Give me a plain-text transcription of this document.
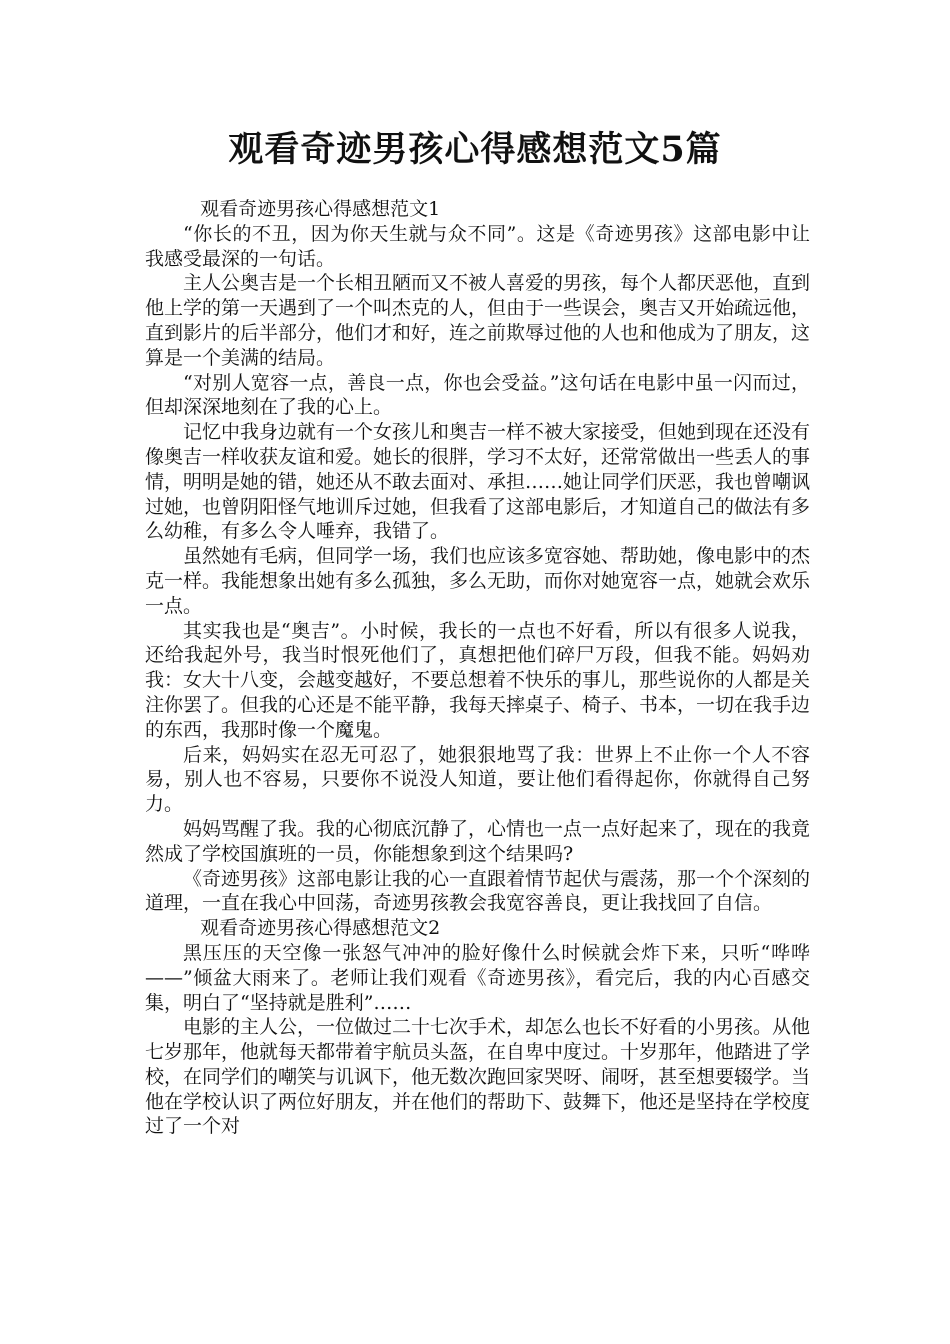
观看奇迹男孩心得感想范文5篇

观看奇迹男孩心得感想范文1

“你长的不丑，因为你天生就与众不同”。这是《奇迹男孩》这部电影中让我感受最深的一句话。

主人公奥吉是一个长相丑陋而又不被人喜爱的男孩，每个人都厌恶他，直到他上学的第一天遇到了一个叫杰克的人，但由于一些误会，奥吉又开始疏远他，直到影片的后半部分，他们才和好，连之前欺辱过他的人也和他成为了朋友，这算是一个美满的结局。

“对别人宽容一点，善良一点，你也会受益。”这句话在电影中虽一闪而过，但却深深地刻在了我的心上。

记忆中我身边就有一个女孩儿和奥吉一样不被大家接受，但她到现在还没有像奥吉一样收获友谊和爱。她长的很胖，学习不太好，还常常做出一些丢人的事情，明明是她的错，她还从不敢去面对、承担……她让同学们厌恶，我也曾嘲讽过她，也曾阴阳怪气地训斥过她，但我看了这部电影后，才知道自己的做法有多么幼稚，有多么令人唾弃，我错了。

虽然她有毛病，但同学一场，我们也应该多宽容她、帮助她，像电影中的杰克一样。我能想象出她有多么孤独，多么无助，而你对她宽容一点，她就会欢乐一点。

其实我也是“奥吉”。小时候，我长的一点也不好看，所以有很多人说我，还给我起外号，我当时恨死他们了，真想把他们碎尸万段，但我不能。妈妈劝我：女大十八变，会越变越好，不要总想着不快乐的事儿，那些说你的人都是关注你罢了。但我的心还是不能平静，我每天摔桌子、椅子、书本，一切在我手边的东西，我那时像一个魔鬼。

后来，妈妈实在忍无可忍了，她狠狠地骂了我：世界上不止你一个人不容易，别人也不容易，只要你不说没人知道，要让他们看得起你，你就得自己努力。

妈妈骂醒了我。我的心彻底沉静了，心情也一点一点好起来了，现在的我竟然成了学校国旗班的一员，你能想象到这个结果吗?

《奇迹男孩》这部电影让我的心一直跟着情节起伏与震荡，那一个个深刻的道理，一直在我心中回荡，奇迹男孩教会我宽容善良，更让我找回了自信。

观看奇迹男孩心得感想范文2

黑压压的天空像一张怒气冲冲的脸好像什么时候就会炸下来，只听“哗哗——”倾盆大雨来了。老师让我们观看《奇迹男孩》，看完后，我的内心百感交集，明白了“坚持就是胜利”……

电影的主人公，一位做过二十七次手术，却怎么也长不好看的小男孩。从他七岁那年，他就每天都带着宇航员头盔，在自卑中度过。十岁那年，他踏进了学校，在同学们的嘲笑与讥讽下，他无数次跑回家哭呀、闹呀，甚至想要辍学。当他在学校认识了两位好朋友，并在他们的帮助下、鼓舞下，他还是坚持在学校度过了一个对
